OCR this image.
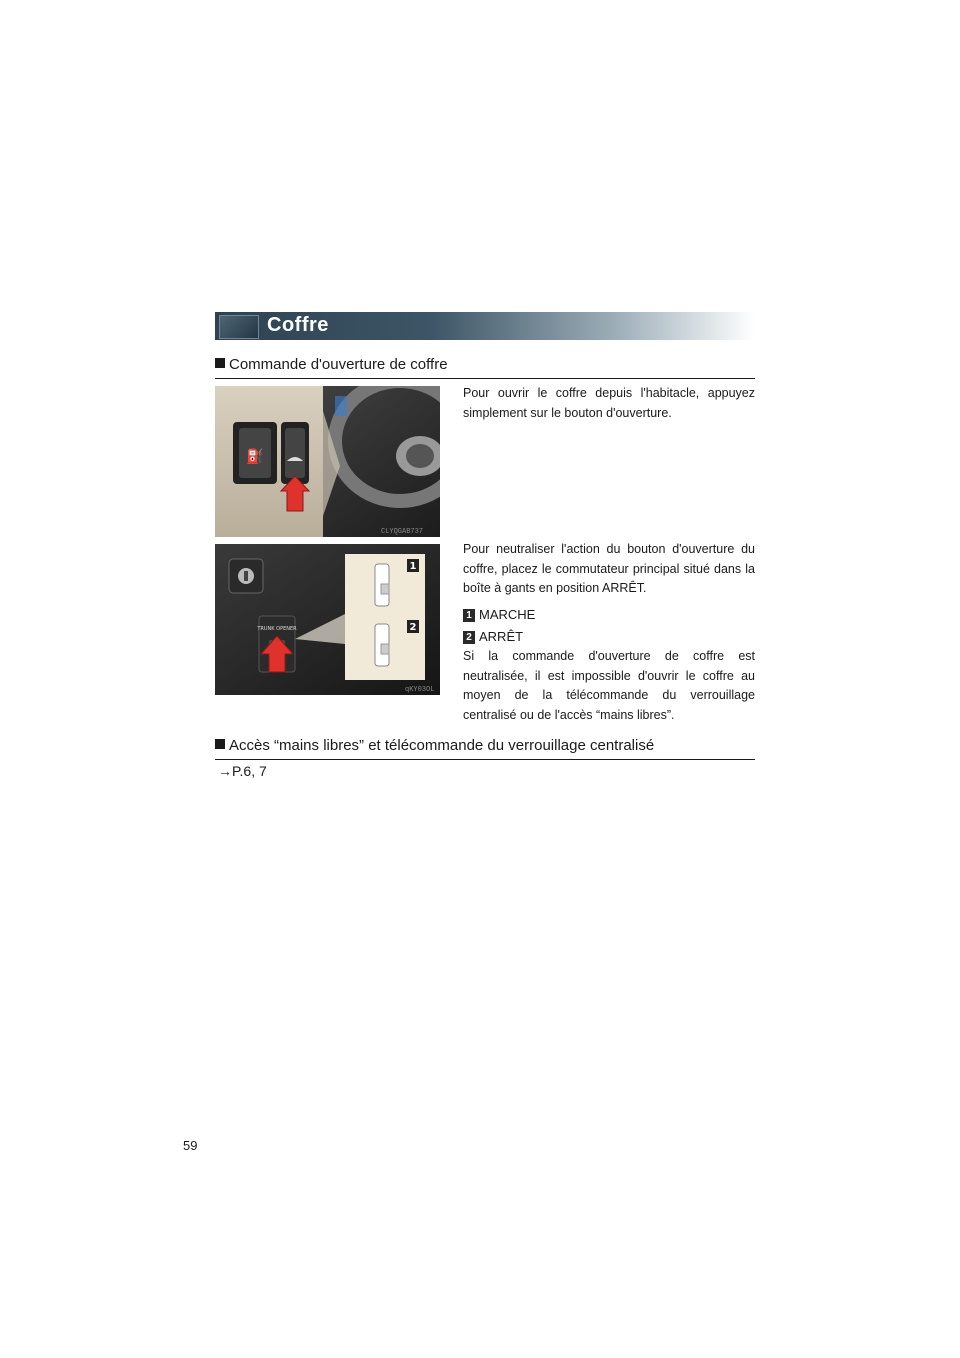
Coffre
Commande d'ouverture de coffre
⛽
CLYQGAB737

Pour ouvrir le coffre depuis l'habitacle, appuyez simplement sur le bouton d'ouverture.

TRUNK OPENER
1
2
qKY03OL

Pour neutraliser l'action du bouton d'ouverture du coffre, placez le commutateur principal situé dans la boîte à gants en position ARRÊT.

1 MARCHE
2 ARRÊT

Si la commande d'ouverture de coffre est neutralisée, il est impossible d'ouvrir le coffre au moyen de la télécommande du verrouillage centralisé ou de l'accès “mains libres”.

Accès “mains libres” et télécommande du verrouillage centralisé
→P.6, 7
59
